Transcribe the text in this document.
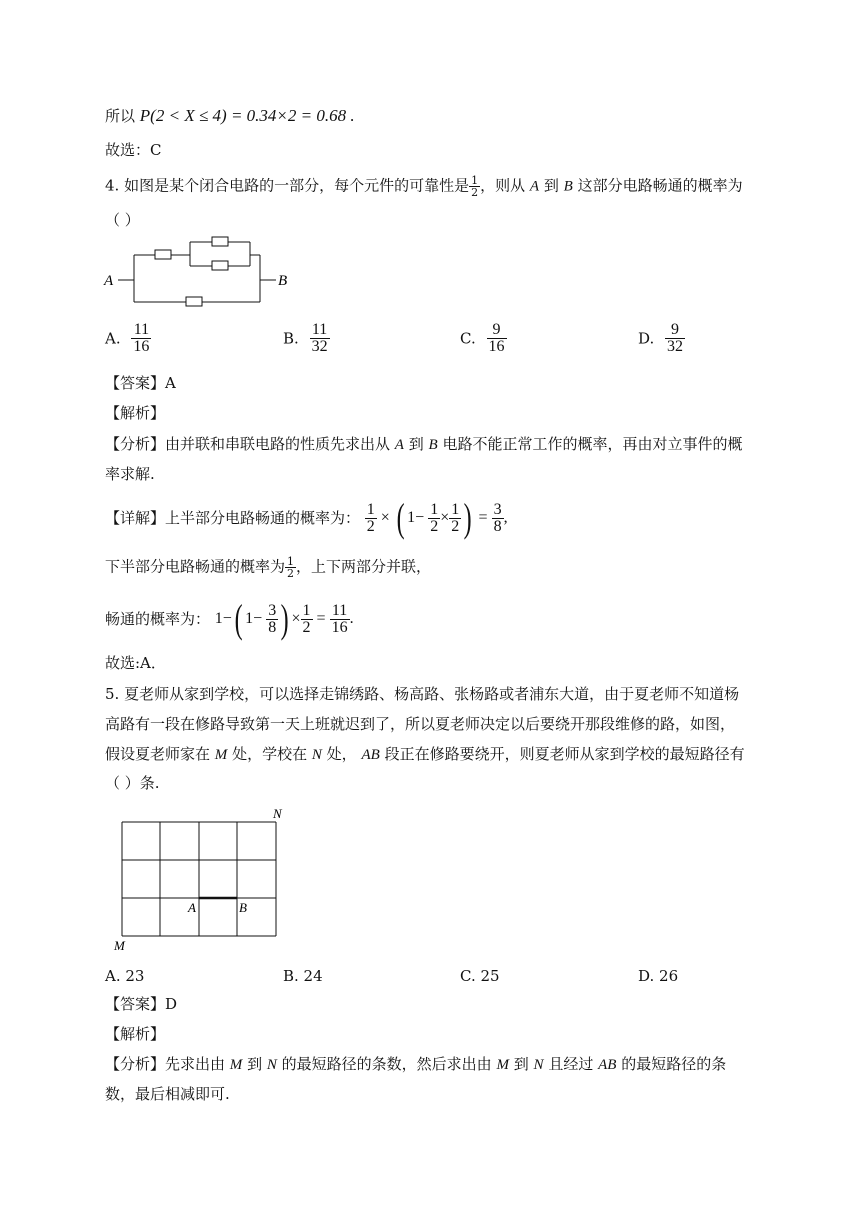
所以 P(2 < X ≤ 4) = 0.34×2 = 0.68 .
故选：C
4. 如图是某个闭合电路的一部分，每个元件的可靠性是 $\frac{1}{2}$ ，则从 A 到 B 这部分电路畅通的概率为
（ ）
A	B
A. $\frac{11}{16}$	B. $\frac{11}{32}$	C. $\frac{9}{16}$	D. $\frac{9}{32}$
【答案】A
【解析】
【分析】由并联和串联电路的性质先求出从 A 到 B 电路不能正常工作的概率，再由对立事件的概
率求解.
【详解】上半部分电路畅通的概率为： $\frac{1}{2}$ × ( $1- \frac{1}{2} \times \frac{1}{2}$ ) = $\frac{3}{8}$ ,
下半部分电路畅通的概率为 $\frac{1}{2}$ ，上下两部分并联，
畅通的概率为： 1−( $1- \frac{3}{8}$ ) × $\frac{1}{2} = \frac{11}{16}$ .
故选:A．
5. 夏老师从家到学校，可以选择走锦绣路、杨高路、张杨路或者浦东大道，由于夏老师不知道杨
高路有一段在修路导致第一天上班就迟到了，所以夏老师决定以后要绕开那段维修的路，如图，
假设夏老师家在 M 处，学校在 N 处， AB 段正在修路要绕开，则夏老师从家到学校的最短路径有
（ ）条.
N
M
A	B
A. 23	B. 24	C. 25	D. 26
【答案】D
【解析】
【分析】先求出由 M 到 N 的最短路径的条数，然后求出由 M 到 N 且经过 AB 的最短路径的条
数，最后相减即可.
